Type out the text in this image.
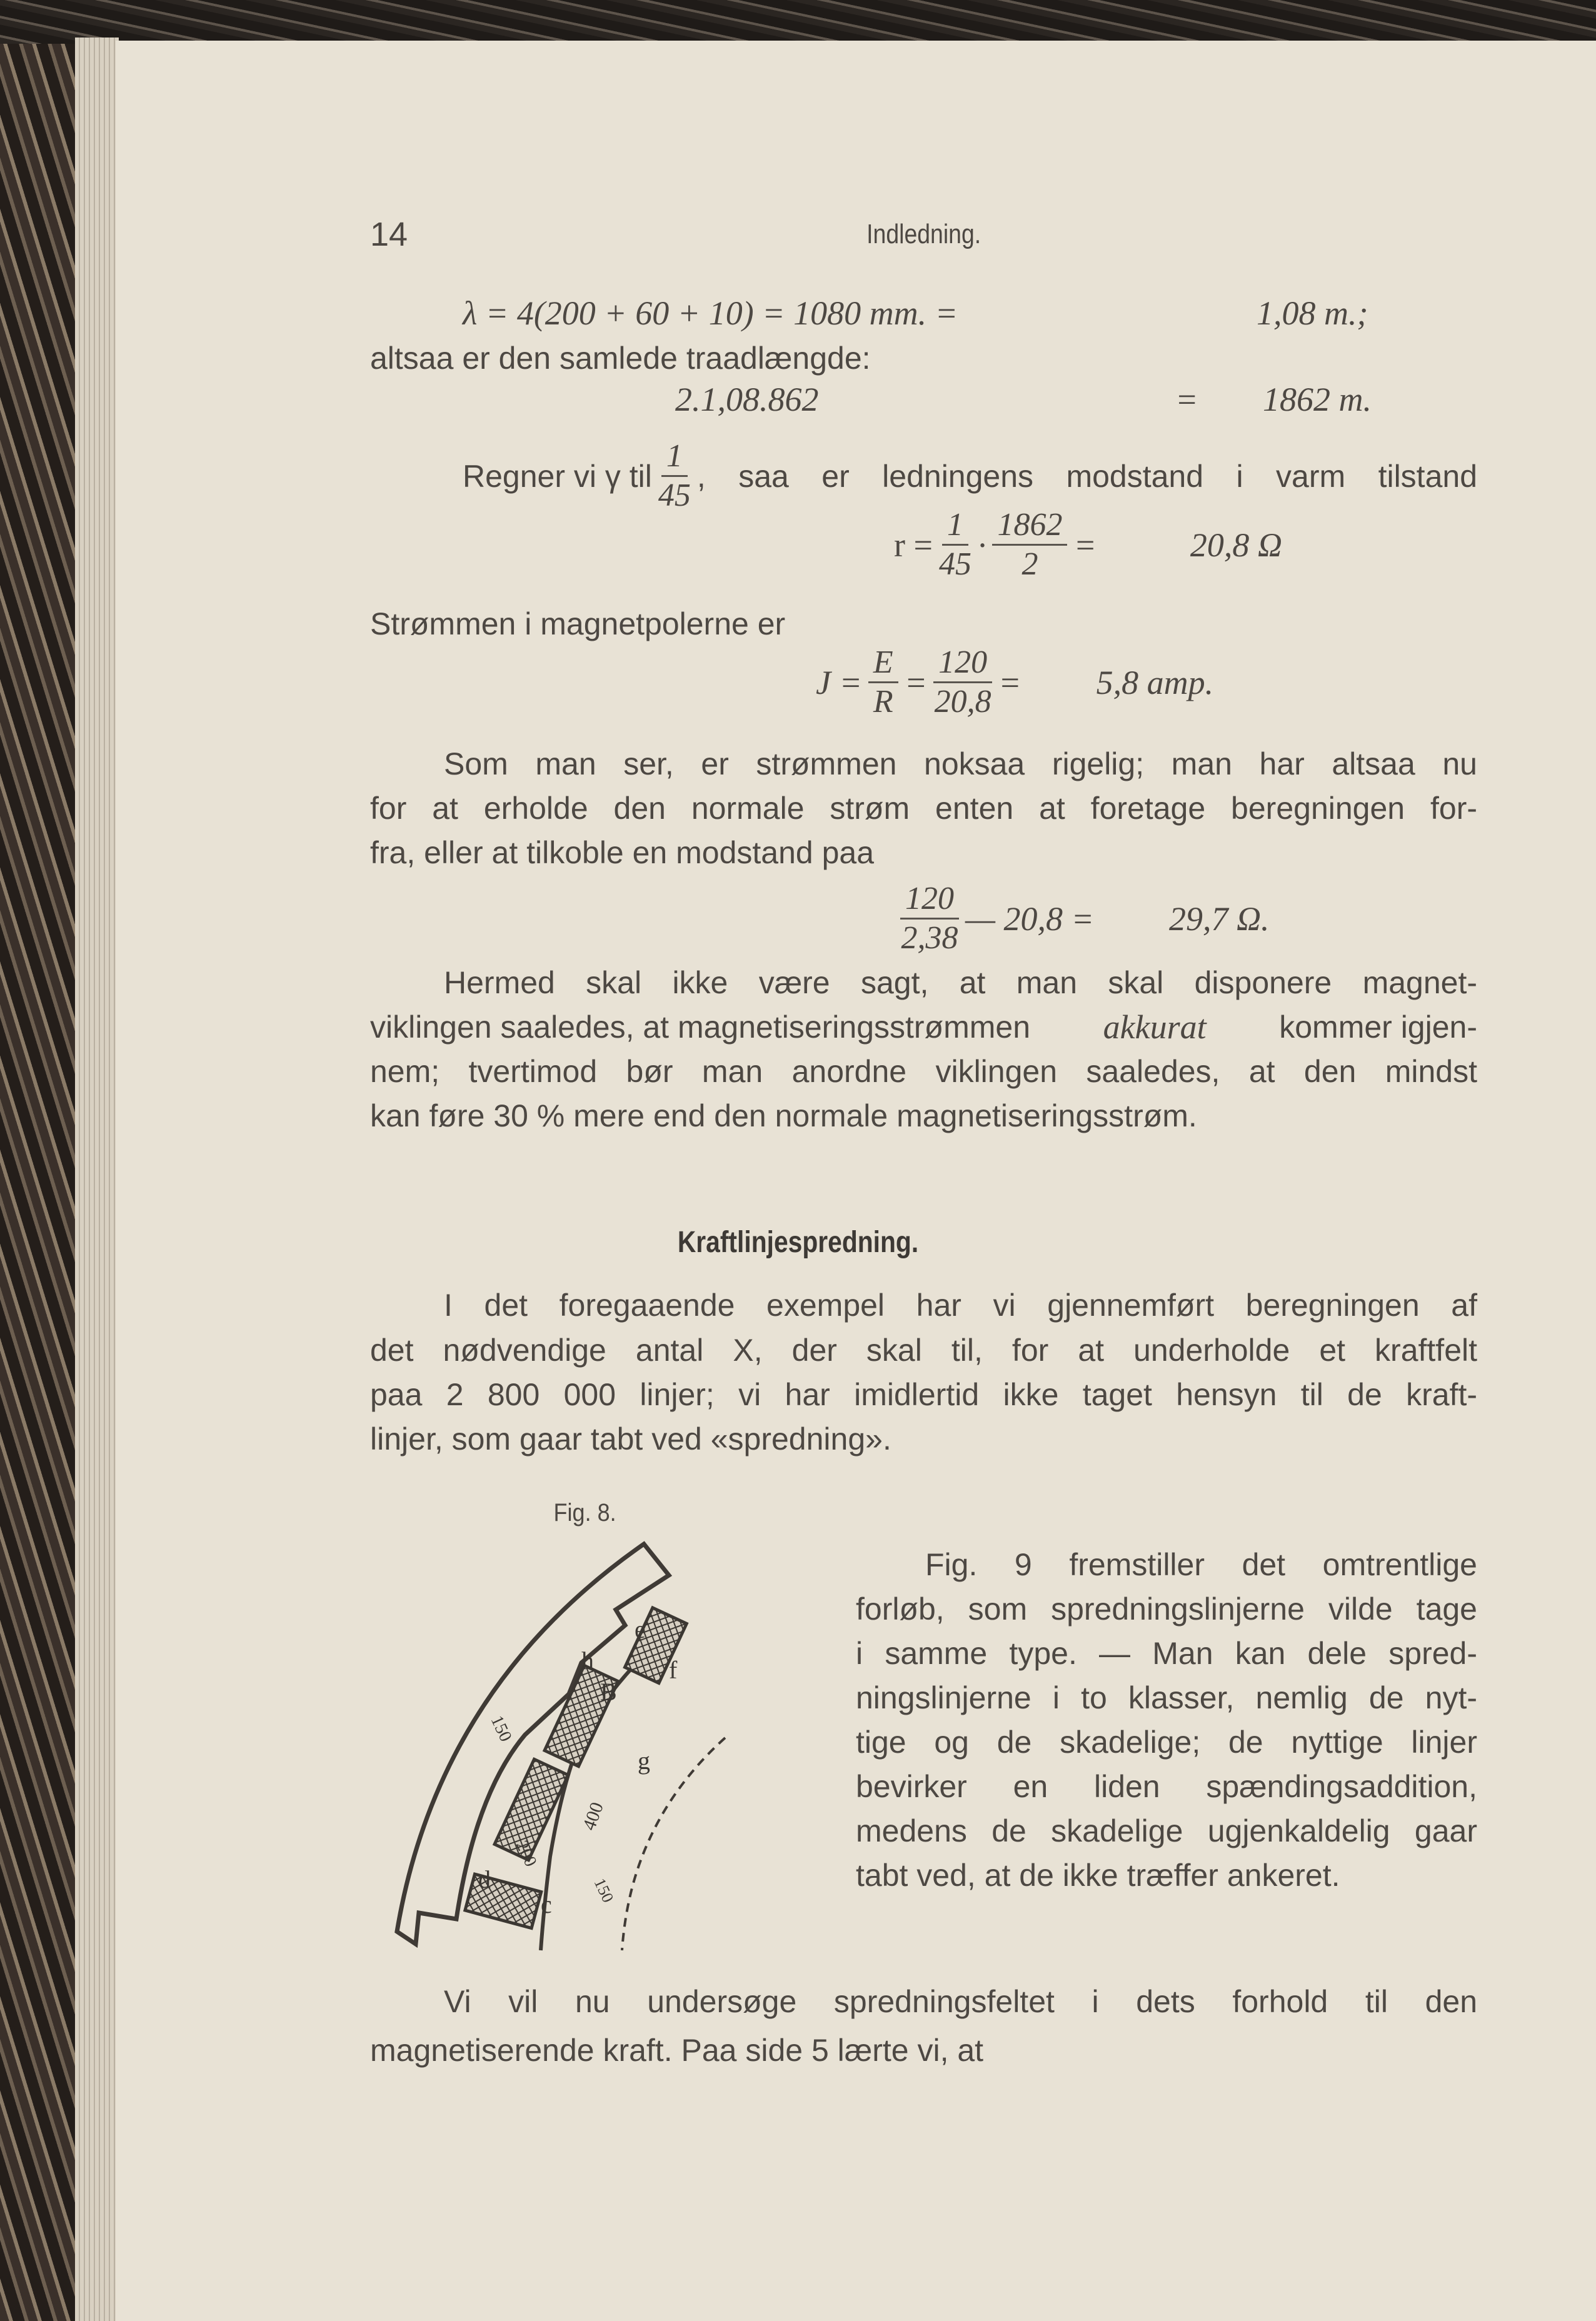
14	Indledning.
λ = 4(200 + 60 + 10) = 1080 mm. =	1,08 m.;
altsaa er den samlede traadlængde:
2.1,08.862	= 1862 m.
Regner vi γ til $\frac{1}{45}$ , saa er ledningens modstand i varm tilstand
$r = \frac{1}{45} \cdot \frac{1862}{2}$ =	20,8 Ω
Strømmen i magnetpolerne er
$J = \frac{E}{R} = \frac{120}{20,8} = 5,8$ amp.
Som man ser, er strømmen noksaa rigelig; man har altsaa nu
for at erholde den normale strøm enten at foretage beregningen for-
fra, eller at tilkoble en modstand paa
$\frac{120}{2,38}$ — 20,8 = 29,7 Ω.
Hermed skal ikke være sagt, at man skal disponere magnet-
viklingen saaledes, at magnetiseringsstrømmen akkurat kommer igjen-
nem; tvertimod bør man anordne viklingen saaledes, at den mindst
kan føre 30 % mere end den normale magnetiseringsstrøm.
Kraftlinjespredning.
I det foregaaende exempel har vi gjennemført beregningen af
det nødvendige antal X, der skal til, for at underholde et kraftfelt
paa 2 800 000 linjer; vi har imidlertid ikke taget hensyn til de kraft-
linjer, som gaar tabt ved «spredning».
Fig. 8.
e
h
B
f
150
200
400
d
c 150
g
Fig. 9 fremstiller det omtrentlige
forløb, som spredningslinjerne vilde tage
i samme type. — Man kan dele spred-
ningslinjerne i to klasser, nemlig de nyt-
tige og de skadelige; de nyttige linjer
bevirker en liden spændingsaddition,
medens de skadelige ugjenkaldelig gaar
tabt ved, at de ikke træffer ankeret.
Vi vil nu undersøge spredningsfeltet i dets forhold til den
magnetiserende kraft. Paa side 5 lærte vi, at
